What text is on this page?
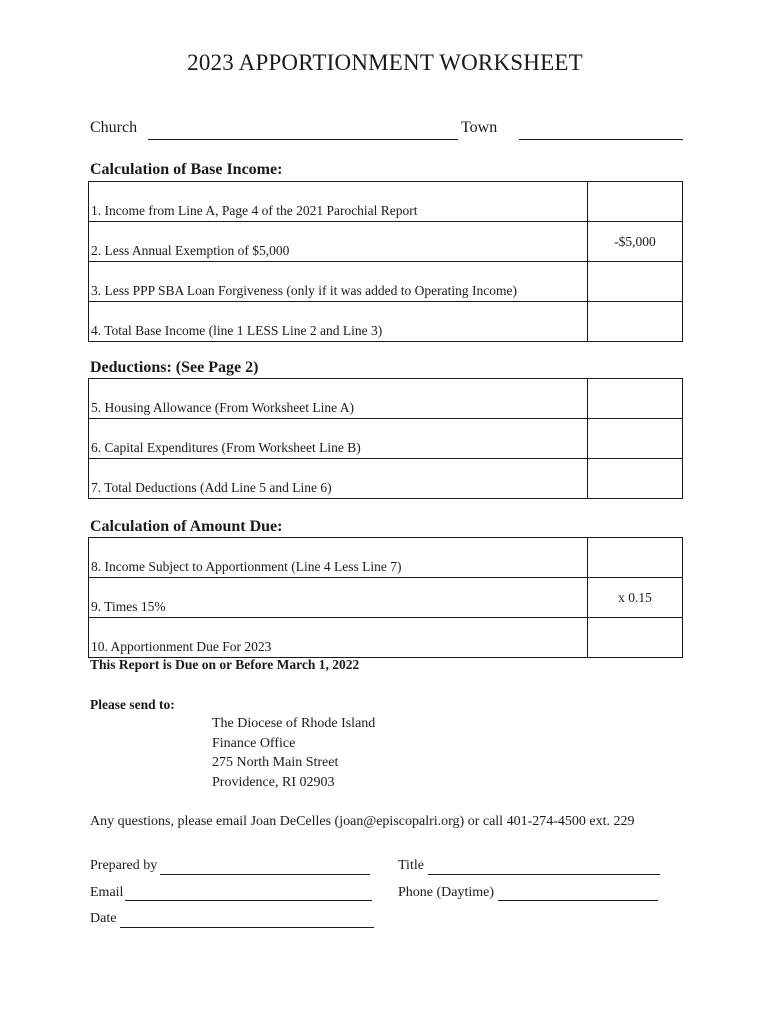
2023 APPORTIONMENT WORKSHEET
Church	Town
Calculation of Base Income:
1. Income from Line A, Page 4 of the 2021 Parochial Report	
2. Less Annual Exemption of $5,000	-$5,000
3. Less PPP SBA Loan Forgiveness (only if it was added to Operating Income)	
4. Total Base Income (line 1 LESS Line 2 and Line 3)	
Deductions: (See Page 2)
5. Housing Allowance (From Worksheet Line A)	
6. Capital Expenditures (From Worksheet Line B)	
7. Total Deductions (Add Line 5 and Line 6)	
Calculation of Amount Due:
8. Income Subject to Apportionment (Line 4 Less Line 7)	
9. Times 15%	x 0.15
10. Apportionment Due For 2023	
This Report is Due on or Before March 1, 2022
Please send to:
The Diocese of Rhode Island
Finance Office
275 North Main Street
Providence, RI 02903
Any questions, please email Joan DeCelles (joan@episcopalri.org) or call 401-274-4500 ext. 229
Prepared by	Title
Email	Phone (Daytime)
Date
